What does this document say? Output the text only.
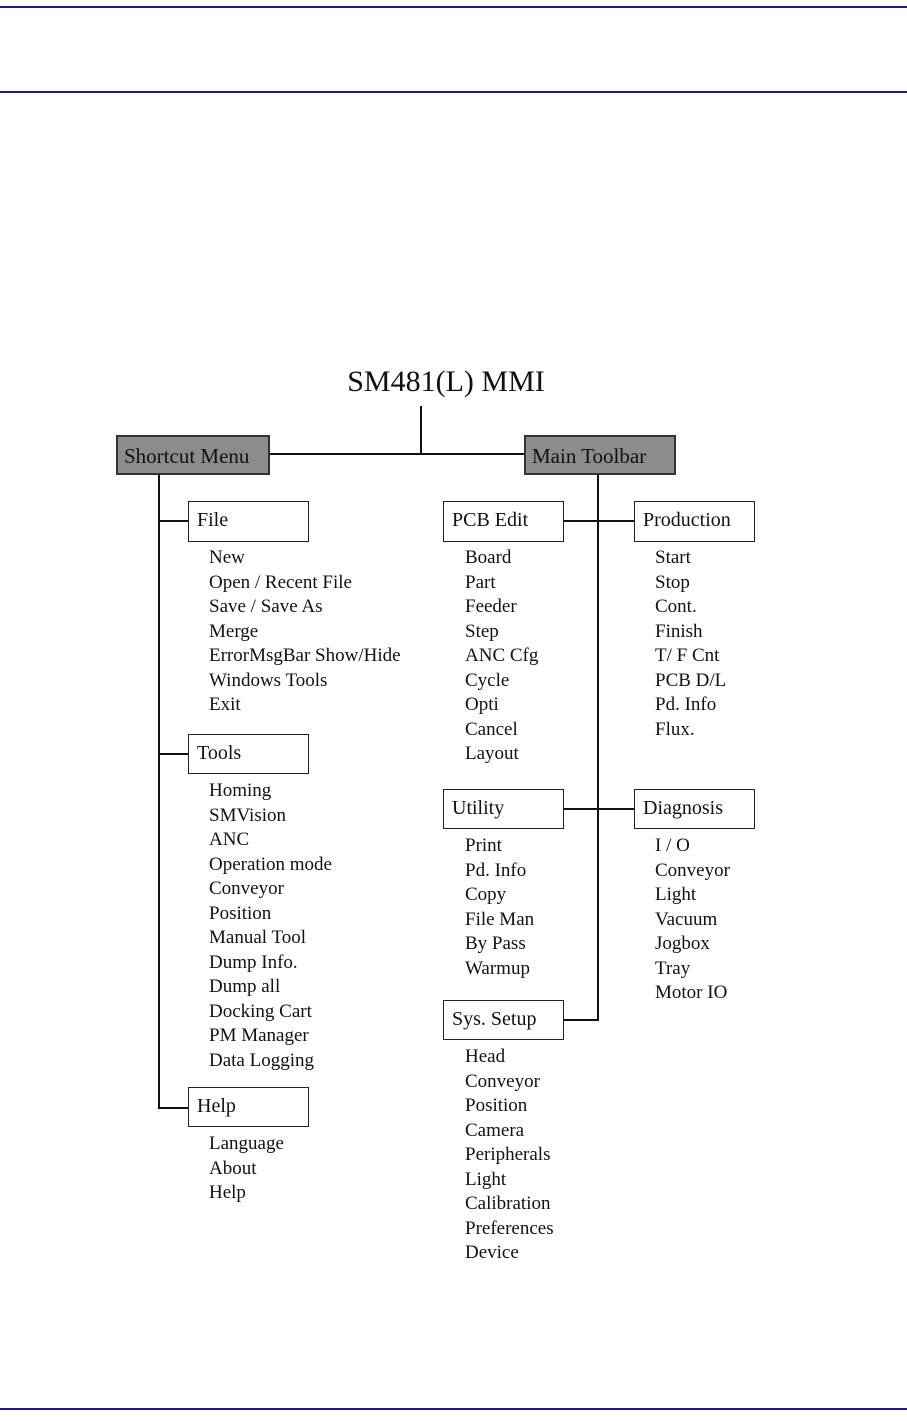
SM481(L) MMI
Shortcut Menu	Main Toolbar
File
New
Open / Recent File
Save / Save As
Merge
ErrorMsgBar Show/Hide
Windows Tools
Exit
Tools
Homing
SMVision
ANC
Operation mode
Conveyor
Position
Manual Tool
Dump Info.
Dump all
Docking Cart
PM Manager
Data Logging
Help
Language
About
Help
PCB Edit
Board
Part
Feeder
Step
ANC Cfg
Cycle
Opti
Cancel
Layout
Production
Start
Stop
Cont.
Finish
T/ F Cnt
PCB D/L
Pd. Info
Flux.
Utility
Print
Pd. Info
Copy
File Man
By Pass
Warmup
Diagnosis
I / O
Conveyor
Light
Vacuum
Jogbox
Tray
Motor IO
Sys. Setup
Head
Conveyor
Position
Camera
Peripherals
Light
Calibration
Preferences
Device
